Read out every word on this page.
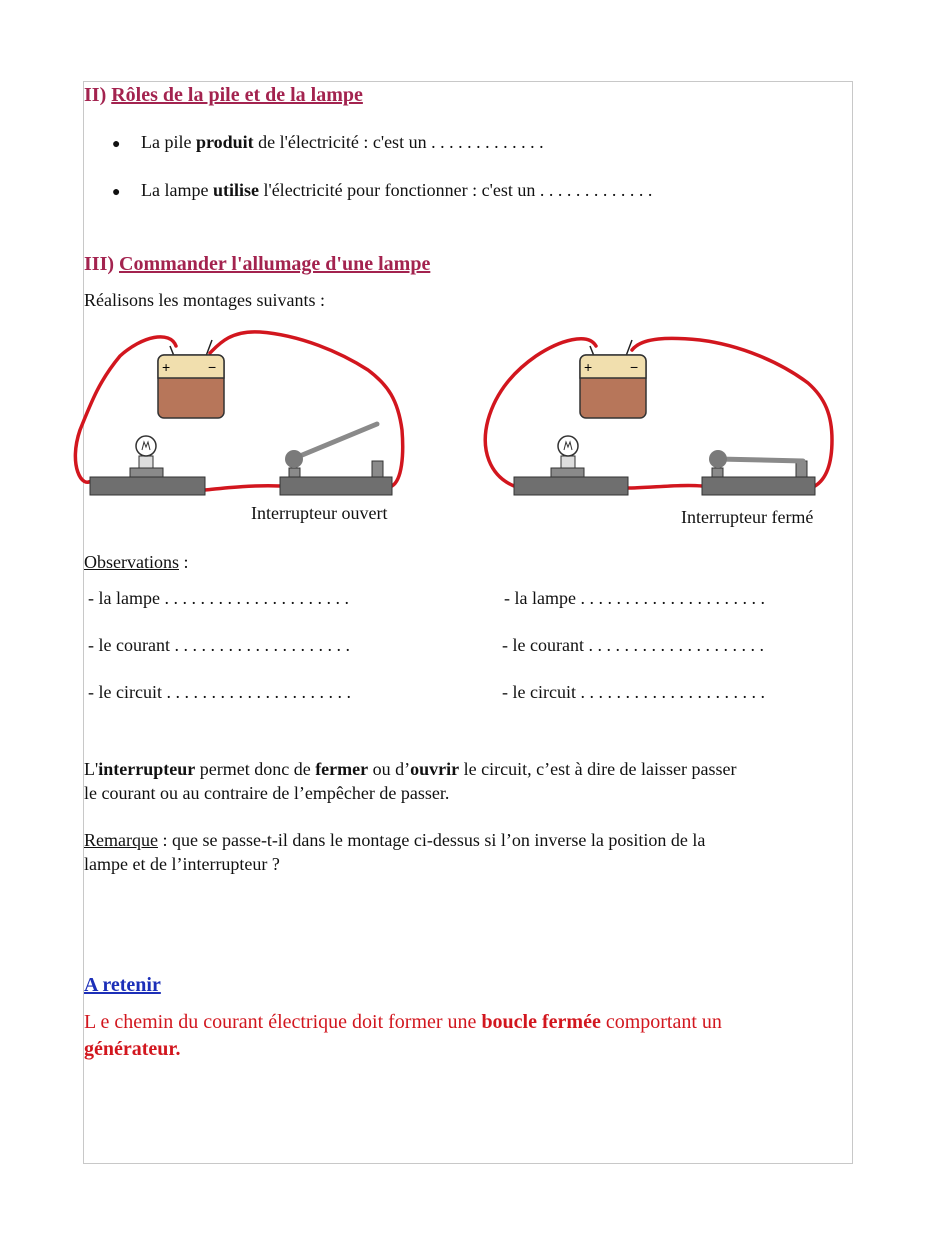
II) Rôles de la pile et de la lampe
● La pile produit de l'électricité : c'est un . . . . . . . . . . . . .
● La lampe utilise l'électricité pour fonctionner : c'est un . . . . . . . . . . . . .
III) Commander l'allumage d'une lampe
Réalisons les montages suivants :
+	−	+	−
Interrupteur ouvert	Interrupteur fermé
Observations :
- la lampe . . . . . . . . . . . . . . . . . . . . .
- le courant . . . . . . . . . . . . . . . . . . . .
- le circuit . . . . . . . . . . . . . . . . . . . . .
- la lampe . . . . . . . . . . . . . . . . . . . . .
- le courant . . . . . . . . . . . . . . . . . . . .
- le circuit . . . . . . . . . . . . . . . . . . . . .
L'interrupteur permet donc de fermer ou d’ouvrir le circuit, c’est à dire de laisser passer
le courant ou au contraire de l’empêcher de passer.
Remarque : que se passe-t-il dans le montage ci-dessus si l’on inverse la position de la
lampe et de l’interrupteur ?
A retenir
L e chemin du courant électrique doit former une boucle fermée comportant un
générateur.
